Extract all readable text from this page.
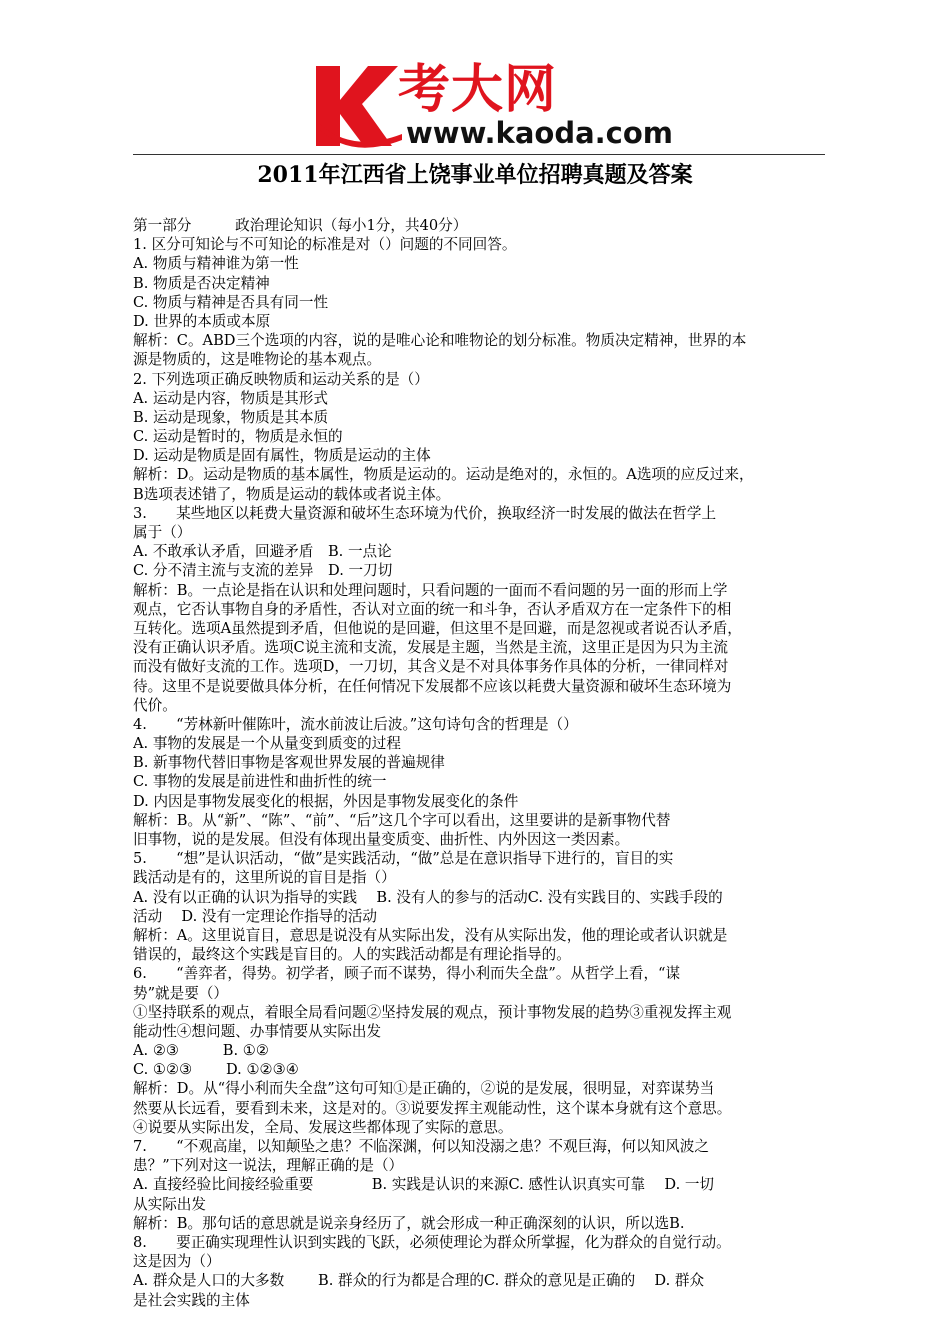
考大网
www.kaoda.com
2011年江西省上饶事业单位招聘真题及答案
第一部分　　　政治理论知识（每小1分，共40分）
1. 区分可知论与不可知论的标准是对（）问题的不同回答。
A. 物质与精神谁为第一性
B. 物质是否决定精神
C. 物质与精神是否具有同一性
D. 世界的本质或本原
解析：C。ABD三个选项的内容，说的是唯心论和唯物论的划分标准。物质决定精神，世界的本
源是物质的，这是唯物论的基本观点。
2. 下列选项正确反映物质和运动关系的是（）
A. 运动是内容，物质是其形式
B. 运动是现象，物质是其本质
C. 运动是暂时的，物质是永恒的
D. 运动是物质是固有属性，物质是运动的主体
解析：D。运动是物质的基本属性，物质是运动的。运动是绝对的，永恒的。A选项的应反过来，
B选项表述错了，物质是运动的载体或者说主体。
3.　　某些地区以耗费大量资源和破坏生态环境为代价，换取经济一时发展的做法在哲学上
属于（）
A. 不敢承认矛盾，回避矛盾　B. 一点论
C. 分不清主流与支流的差异　D. 一刀切
解析：B。一点论是指在认识和处理问题时，只看问题的一面而不看问题的另一面的形而上学
观点，它否认事物自身的矛盾性，否认对立面的统一和斗争，否认矛盾双方在一定条件下的相
互转化。选项A虽然提到矛盾，但他说的是回避，但这里不是回避，而是忽视或者说否认矛盾，
没有正确认识矛盾。选项C说主流和支流，发展是主题，当然是主流，这里正是因为只为主流
而没有做好支流的工作。选项D，一刀切，其含义是不对具体事务作具体的分析，一律同样对
待。这里不是说要做具体分析，在任何情况下发展都不应该以耗费大量资源和破坏生态环境为
代价。
4.　　“芳林新叶催陈叶，流水前波让后波。”这句诗句含的哲理是（）
A. 事物的发展是一个从量变到质变的过程
B. 新事物代替旧事物是客观世界发展的普遍规律
C. 事物的发展是前进性和曲折性的统一
D. 内因是事物发展变化的根据，外因是事物发展变化的条件
解析：B。从“新”、“陈”、“前”、“后”这几个字可以看出，这里要讲的是新事物代替
旧事物，说的是发展。但没有体现出量变质变、曲折性、内外因这一类因素。
5.　　“想”是认识活动，“做”是实践活动，“做”总是在意识指导下进行的，盲目的实
践活动是有的，这里所说的盲目是指（）
A. 没有以正确的认识为指导的实践　 B. 没有人的参与的活动C. 没有实践目的、实践手段的
活动　 D. 没有一定理论作指导的活动
解析：A。这里说盲目，意思是说没有从实际出发，没有从实际出发，他的理论或者认识就是
错误的，最终这个实践是盲目的。人的实践活动都是有理论指导的。
6.　　“善弈者，得势。初学者，顾子而不谋势，得小利而失全盘”。从哲学上看，“谋
势”就是要（）
①坚持联系的观点，着眼全局看问题②坚持发展的观点，预计事物发展的趋势③重视发挥主观
能动性④想问题、办事情要从实际出发
A. ②③　　　B. ①②
C. ①②③　　 D. ①②③④
解析：D。从“得小利而失全盘”这句可知①是正确的，②说的是发展，很明显，对弈谋势当
然要从长远看，要看到未来，这是对的。③说要发挥主观能动性，这个谋本身就有这个意思。
④说要从实际出发，全局、发展这些都体现了实际的意思。
7.　　“不观高崖，以知颠坠之患？不临深渊，何以知没溺之患？不观巨海，何以知风波之
患？”下列对这一说法，理解正确的是（）
A. 直接经验比间接经验重要　　　　B. 实践是认识的来源C. 感性认识真实可靠　 D. 一切
从实际出发
解析：B。那句话的意思就是说亲身经历了，就会形成一种正确深刻的认识，所以选B.
8.　　要正确实现理性认识到实践的飞跃，必须使理论为群众所掌握，化为群众的自觉行动。
这是因为（）
A. 群众是人口的大多数　　 B. 群众的行为都是合理的C. 群众的意见是正确的　 D. 群众
是社会实践的主体
